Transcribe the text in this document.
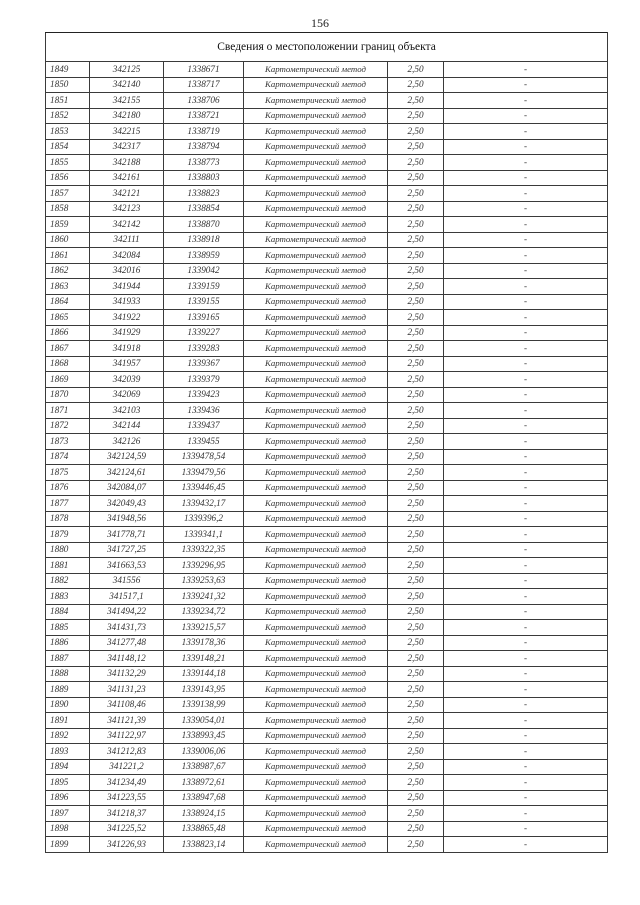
156
Сведения о местоположении границ объекта					
1849	342125	1338671	Картометрический метод	2,50	-
1850	342140	1338717	Картометрический метод	2,50	-
1851	342155	1338706	Картометрический метод	2,50	-
1852	342180	1338721	Картометрический метод	2,50	-
1853	342215	1338719	Картометрический метод	2,50	-
1854	342317	1338794	Картометрический метод	2,50	-
1855	342188	1338773	Картометрический метод	2,50	-
1856	342161	1338803	Картометрический метод	2,50	-
1857	342121	1338823	Картометрический метод	2,50	-
1858	342123	1338854	Картометрический метод	2,50	-
1859	342142	1338870	Картометрический метод	2,50	-
1860	342111	1338918	Картометрический метод	2,50	-
1861	342084	1338959	Картометрический метод	2,50	-
1862	342016	1339042	Картометрический метод	2,50	-
1863	341944	1339159	Картометрический метод	2,50	-
1864	341933	1339155	Картометрический метод	2,50	-
1865	341922	1339165	Картометрический метод	2,50	-
1866	341929	1339227	Картометрический метод	2,50	-
1867	341918	1339283	Картометрический метод	2,50	-
1868	341957	1339367	Картометрический метод	2,50	-
1869	342039	1339379	Картометрический метод	2,50	-
1870	342069	1339423	Картометрический метод	2,50	-
1871	342103	1339436	Картометрический метод	2,50	-
1872	342144	1339437	Картометрический метод	2,50	-
1873	342126	1339455	Картометрический метод	2,50	-
1874	342124,59	1339478,54	Картометрический метод	2,50	-
1875	342124,61	1339479,56	Картометрический метод	2,50	-
1876	342084,07	1339446,45	Картометрический метод	2,50	-
1877	342049,43	1339432,17	Картометрический метод	2,50	-
1878	341948,56	1339396,2	Картометрический метод	2,50	-
1879	341778,71	1339341,1	Картометрический метод	2,50	-
1880	341727,25	1339322,35	Картометрический метод	2,50	-
1881	341663,53	1339296,95	Картометрический метод	2,50	-
1882	341556	1339253,63	Картометрический метод	2,50	-
1883	341517,1	1339241,32	Картометрический метод	2,50	-
1884	341494,22	1339234,72	Картометрический метод	2,50	-
1885	341431,73	1339215,57	Картометрический метод	2,50	-
1886	341277,48	1339178,36	Картометрический метод	2,50	-
1887	341148,12	1339148,21	Картометрический метод	2,50	-
1888	341132,29	1339144,18	Картометрический метод	2,50	-
1889	341131,23	1339143,95	Картометрический метод	2,50	-
1890	341108,46	1339138,99	Картометрический метод	2,50	-
1891	341121,39	1339054,01	Картометрический метод	2,50	-
1892	341122,97	1338993,45	Картометрический метод	2,50	-
1893	341212,83	1339006,06	Картометрический метод	2,50	-
1894	341221,2	1338987,67	Картометрический метод	2,50	-
1895	341234,49	1338972,61	Картометрический метод	2,50	-
1896	341223,55	1338947,68	Картометрический метод	2,50	-
1897	341218,37	1338924,15	Картометрический метод	2,50	-
1898	341225,52	1338865,48	Картометрический метод	2,50	-
1899	341226,93	1338823,14	Картометрический метод	2,50	-
